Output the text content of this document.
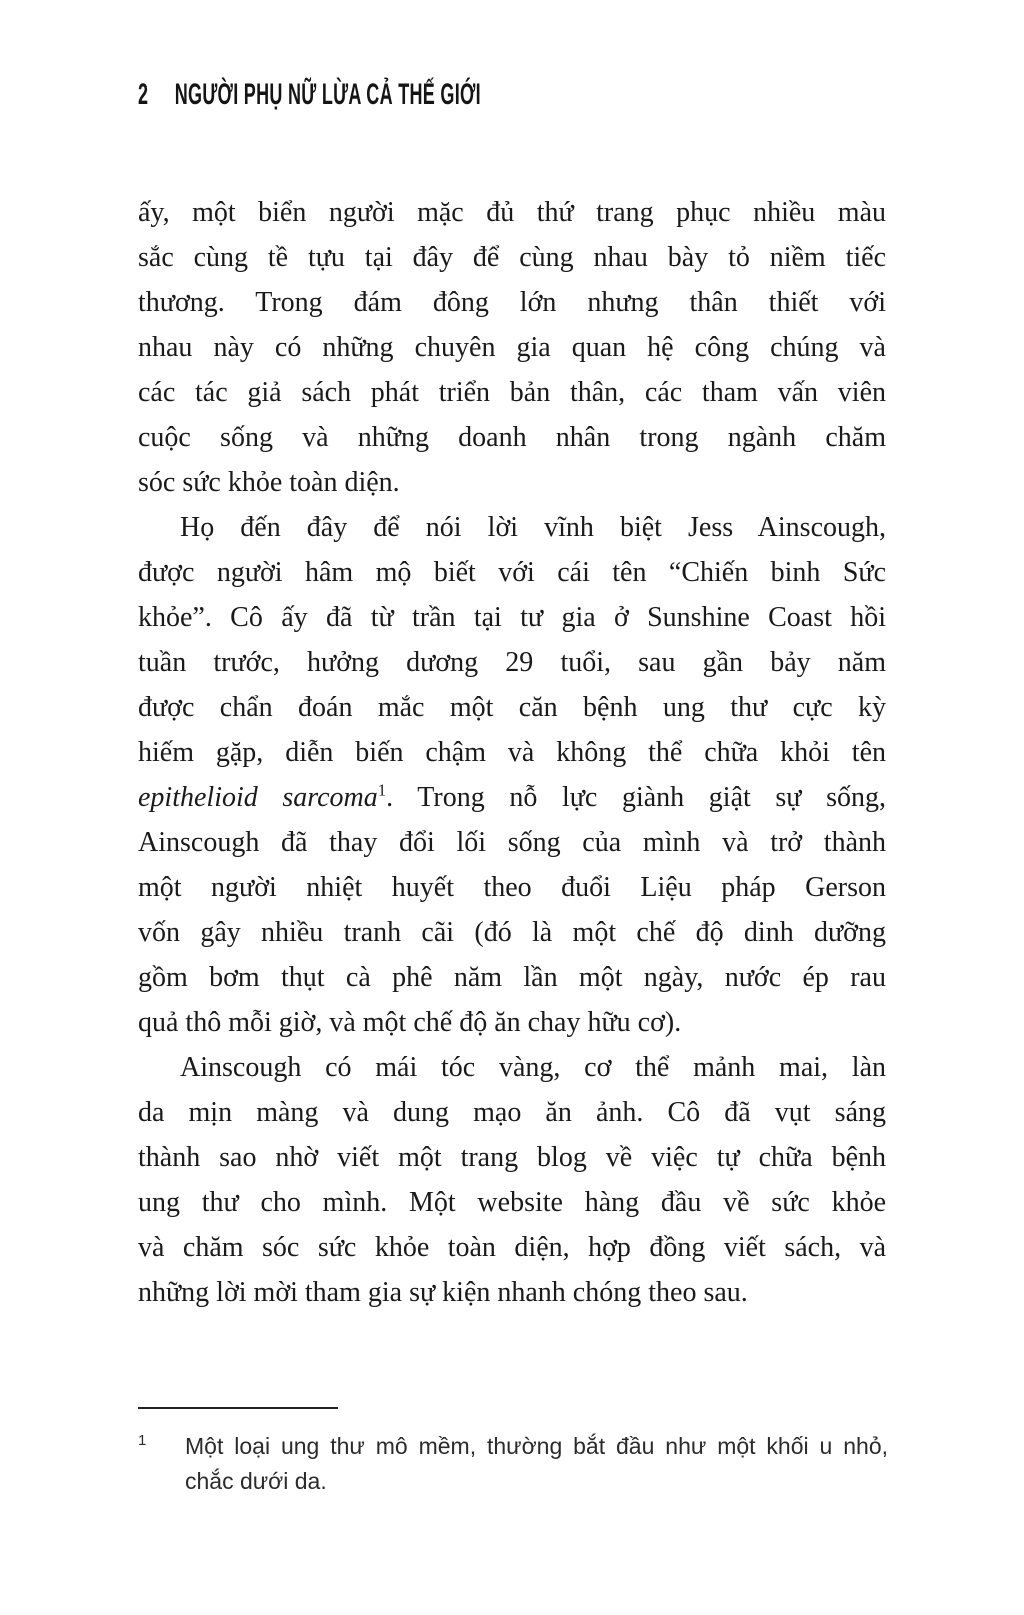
2 NGƯỜI PHỤ NỮ LỪA CẢ THẾ GIỚI
ấy, một biển người mặc đủ thứ trang phục nhiều màu
sắc cùng tề tựu tại đây để cùng nhau bày tỏ niềm tiếc
thương. Trong đám đông lớn nhưng thân thiết với
nhau này có những chuyên gia quan hệ công chúng và
các tác giả sách phát triển bản thân, các tham vấn viên
cuộc sống và những doanh nhân trong ngành chăm
sóc sức khỏe toàn diện.
Họ đến đây để nói lời vĩnh biệt Jess Ainscough,
được người hâm mộ biết với cái tên “Chiến binh Sức
khỏe”. Cô ấy đã từ trần tại tư gia ở Sunshine Coast hồi
tuần trước, hưởng dương 29 tuổi, sau gần bảy năm
được chẩn đoán mắc một căn bệnh ung thư cực kỳ
hiếm gặp, diễn biến chậm và không thể chữa khỏi tên
epithelioid sarcoma$^1$. Trong nỗ lực giành giật sự sống,
Ainscough đã thay đổi lối sống của mình và trở thành
một người nhiệt huyết theo đuổi Liệu pháp Gerson
vốn gây nhiều tranh cãi (đó là một chế độ dinh dưỡng
gồm bơm thụt cà phê năm lần một ngày, nước ép rau
quả thô mỗi giờ, và một chế độ ăn chay hữu cơ).
Ainscough có mái tóc vàng, cơ thể mảnh mai, làn
da mịn màng và dung mạo ăn ảnh. Cô đã vụt sáng
thành sao nhờ viết một trang blog về việc tự chữa bệnh
ung thư cho mình. Một website hàng đầu về sức khỏe
và chăm sóc sức khỏe toàn diện, hợp đồng viết sách, và
những lời mời tham gia sự kiện nhanh chóng theo sau.
1	Một loại ung thư mô mềm, thường bắt đầu như một khối u nhỏ,
chắc dưới da.
